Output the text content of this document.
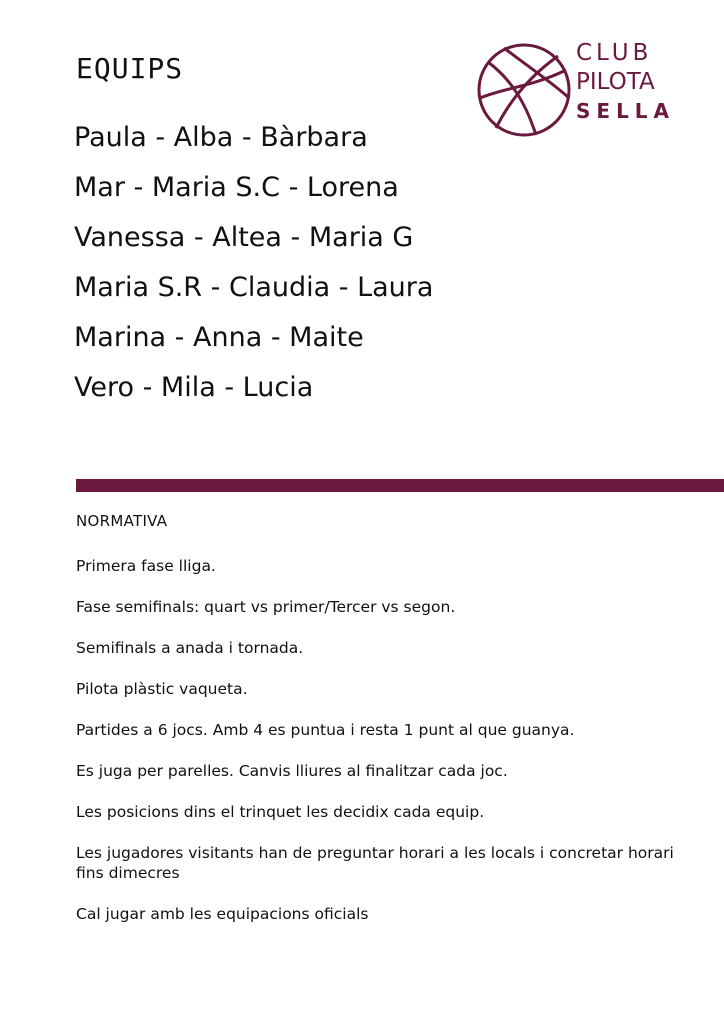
EQUIPS	CLUB
PILOTA
SELLA
Paula - Alba - Bàrbara
Mar - Maria S.C - Lorena
Vanessa - Altea - Maria G
Maria S.R - Claudia - Laura
Marina - Anna - Maite
Vero - Mila - Lucia
NORMATIVA
Primera fase lliga.
Fase semifinals: quart vs primer/Tercer vs segon.
Semifinals a anada i tornada.
Pilota plàstic vaqueta.
Partides a 6 jocs. Amb 4 es puntua i resta 1 punt al que guanya.
Es juga per parelles. Canvis lliures al finalitzar cada joc.
Les posicions dins el trinquet les decidix cada equip.
Les jugadores visitants han de preguntar horari a les locals i concretar horari fins dimecres
Cal jugar amb les equipacions oficials
